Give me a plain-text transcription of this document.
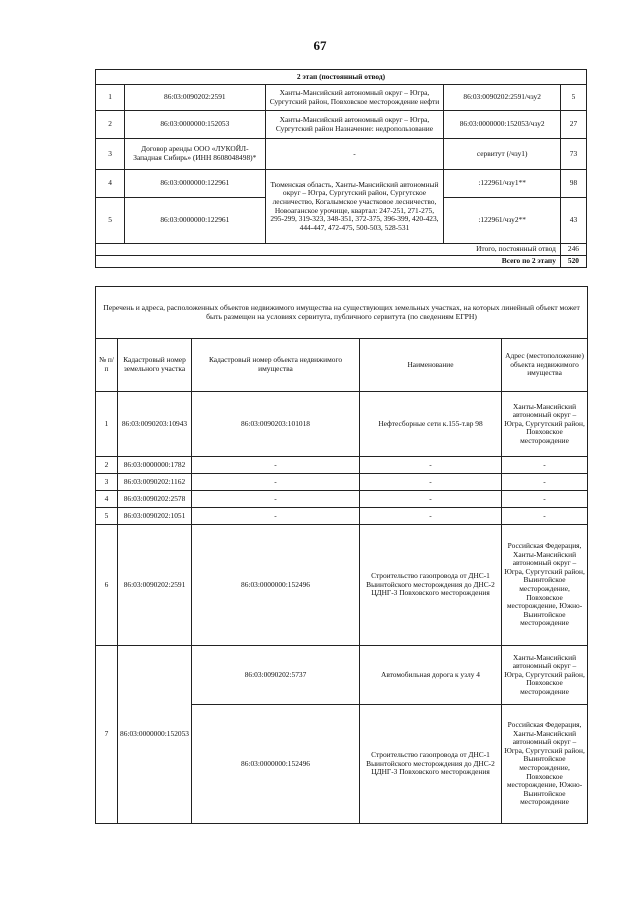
67
2 этап (постоянный отвод)				
1	86:03:0090202:2591	Ханты-Мансийский автономный округ – Югра, Сургутский район, Повховское месторождение нефти	86:03:0090202:2591/чзу2	5
2	86:03:0000000:152053	Ханты-Мансийский автономный округ – Югра, Сургутский район Назначение: недропользование	86:03:0000000:152053/чзу2	27
3	Договор аренды ООО «ЛУКОЙЛ-Западная Сибирь» (ИНН 8608048498)*	-	сервитут (/чзу1)	73
4	86:03:0000000:122961	Тюменская область, Ханты-Мансийский автономный округ – Югра, Сургутский район, Сургутское лесничество, Когалымское участковое лесничество, Новоаганское урочище, квартал: 247-251, 271-275, 295-299, 319-323, 348-351, 372-375, 396-399, 420-423, 444-447, 472-475, 500-503, 528-531	:122961/чзу1**	98
5	86:03:0000000:122961		:122961/чзу2**	43
Итого, постоянный отвод				246
Всего по 2 этапу				520
Перечень и адреса, расположенных объектов недвижимого имущества на существующих земельных участках, на которых линейный объект может быть размещен на условиях сервитута, публичного сервитута (по сведениям ЕГРН)				
№ п/п	Кадастровый номер земельного участка	Кадастровый номер объекта недвижимого имущества	Наименование	Адрес (местоположение) объекта недвижимого имущества
1	86:03:0090203:10943	86:03:0090203:101018	Нефтесборные сети к.155-т.вр 98	Ханты-Мансийский автономный округ – Югра, Сургутский район, Повховское месторождение
2	86:03:0000000:1782	-	-	-
3	86:03:0090202:1162	-	-	-
4	86:03:0090202:2578	-	-	-
5	86:03:0090202:1051	-	-	-
6	86:03:0090202:2591	86:03:0000000:152496	Строительство газопровода от ДНС-1 Выинтойского месторождения до ДНС-2 ЦДНГ-3 Повховского месторождения	Российская Федерация, Ханты-Мансийский автономный округ – Югра, Сургутский район, Выинтойское месторождение, Повховское месторождение, Южно-Выинтойское месторождение
7	86:03:0000000:152053	86:03:0090202:5737	Автомобильная дорога к узлу 4	Ханты-Мансийский автономный округ – Югра, Сургутский район, Повховское месторождение
		86:03:0000000:152496	Строительство газопровода от ДНС-1 Выинтойского месторождения до ДНС-2 ЦДНГ-3 Повховского месторождения	Российская Федерация, Ханты-Мансийский автономный округ – Югра, Сургутский район, Выинтойское месторождение, Повховское месторождение, Южно-Выинтойское месторождение
